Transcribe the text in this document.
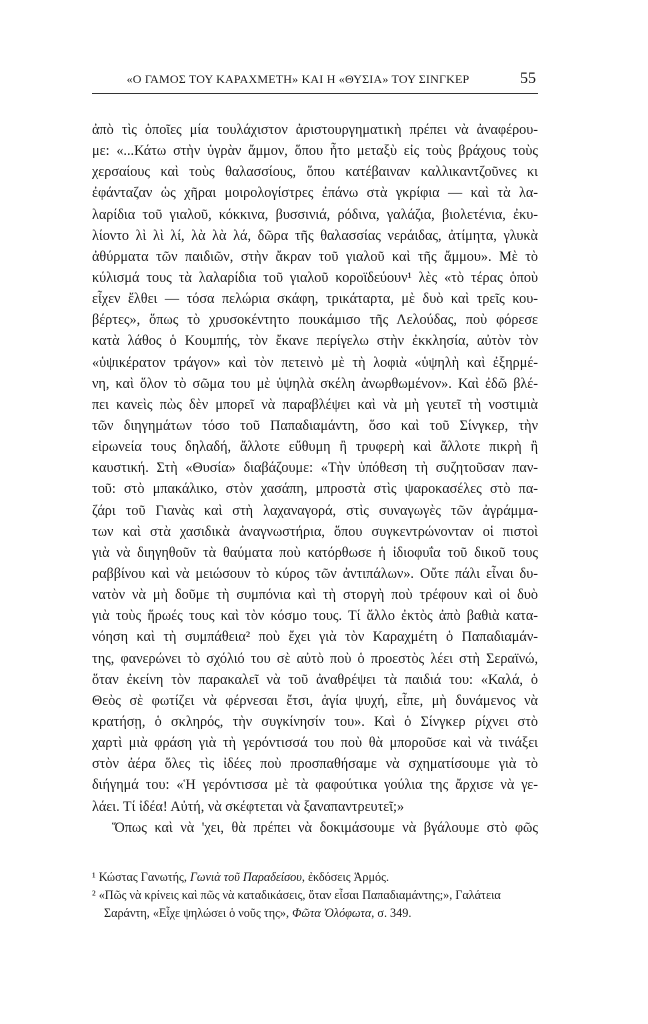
«Ο ΓΑΜΟΣ ΤΟΥ ΚΑΡΑΧΜΕΤΗ» ΚΑΙ Η «ΘΥΣΙΑ» ΤΟΥ ΣΙΝΓΚΕΡ	55
ἀπὸ τὶς ὁποῖες μία τουλάχιστον ἀριστουργηματικὴ πρέπει νὰ ἀναφέρου-
με: «...Κάτω στὴν ὑγρὰν ἄμμον, ὅπου ἦτο μεταξὺ εἰς τοὺς βράχους τοὺς
χερσαίους καὶ τοὺς θαλασσίους, ὅπου κατέβαιναν καλλικαντζοῦνες κι
ἐφάνταζαν ὡς χῆραι μοιρολογίστρες ἐπάνω στὰ γκρίφια — καὶ τὰ λα-
λαρίδια τοῦ γιαλοῦ, κόκκινα, βυσσινιά, ρόδινα, γαλάζια, βιολετένια, ἐκυ-
λίοντο λὶ λὶ λί, λὰ λὰ λά, δῶρα τῆς θαλασσίας νεράιδας, ἀτίμητα, γλυκὰ
ἀθύρματα τῶν παιδιῶν, στὴν ἄκραν τοῦ γιαλοῦ καὶ τῆς ἄμμου». Μὲ τὸ
κύλισμά τους τὰ λαλαρίδια τοῦ γιαλοῦ κοροϊδεύουν¹ λὲς «τὸ τέρας ὁποὺ
εἶχεν ἔλθει — τόσα πελώρια σκάφη, τρικάταρτα, μὲ δυὸ καὶ τρεῖς κου-
βέρτες», ὅπως τὸ χρυσοκέντητο πουκάμισο τῆς Λελούδας, ποὺ φόρεσε
κατὰ λάθος ὁ Κουμπής, τὸν ἔκανε περίγελω στὴν ἐκκλησία, αὐτὸν τὸν
«ὑψικέρατον τράγον» καὶ τὸν πετεινὸ μὲ τὴ λοφιὰ «ὑψηλὴ καὶ ἐξηρμέ-
νη, καὶ ὅλον τὸ σῶμα του μὲ ὑψηλὰ σκέλη ἀνωρθωμένον». Καὶ ἐδῶ βλέ-
πει κανεὶς πὼς δὲν μπορεῖ νὰ παραβλέψει καὶ νὰ μὴ γευτεῖ τὴ νοστιμιὰ
τῶν διηγημάτων τόσο τοῦ Παπαδιαμάντη, ὅσο καὶ τοῦ Σίνγκερ, τὴν
εἰρωνεία τους δηλαδή, ἄλλοτε εὔθυμη ἢ τρυφερὴ καὶ ἄλλοτε πικρὴ ἢ
καυστική. Στὴ «Θυσία» διαβάζουμε: «Τὴν ὑπόθεση τὴ συζητοῦσαν παν-
τοῦ: στὸ μπακάλικο, στὸν χασάπη, μπροστὰ στὶς ψαροκασέλες στὸ πα-
ζάρι τοῦ Γιανὰς καὶ στὴ λαχαναγορά, στὶς συναγωγὲς τῶν ἀγράμμα-
των καὶ στὰ χασιδικὰ ἀναγνωστήρια, ὅπου συγκεντρώνονταν οἱ πιστοὶ
γιὰ νὰ διηγηθοῦν τὰ θαύματα ποὺ κατόρθωσε ἡ ἰδιοφυΐα τοῦ δικοῦ τους
ραββίνου καὶ νὰ μειώσουν τὸ κύρος τῶν ἀντιπάλων». Οὔτε πάλι εἶναι δυ-
νατὸν νὰ μὴ δοῦμε τὴ συμπόνια καὶ τὴ στοργὴ ποὺ τρέφουν καὶ οἱ δυὸ
γιὰ τοὺς ἥρωές τους καὶ τὸν κόσμο τους. Τί ἄλλο ἐκτὸς ἀπὸ βαθιὰ κατα-
νόηση καὶ τὴ συμπάθεια² ποὺ ἔχει γιὰ τὸν Καραχμέτη ὁ Παπαδιαμάν-
της, φανερώνει τὸ σχόλιό του σὲ αὐτὸ ποὺ ὁ προεστὸς λέει στὴ Σεραϊνώ,
ὅταν ἐκείνη τὸν παρακαλεῖ νὰ τοῦ ἀναθρέψει τὰ παιδιά του: «Καλά, ὁ
Θεὸς σὲ φωτίζει νὰ φέρνεσαι ἔτσι, ἁγία ψυχή, εἶπε, μὴ δυνάμενος νὰ
κρατήσῃ, ὁ σκληρός, τὴν συγκίνησίν του». Καὶ ὁ Σίνγκερ ρίχνει στὸ
χαρτὶ μιὰ φράση γιὰ τὴ γερόντισσά του ποὺ θὰ μποροῦσε καὶ νὰ τινάξει
στὸν ἀέρα ὅλες τὶς ἰδέες ποὺ προσπαθήσαμε νὰ σχηματίσουμε γιὰ τὸ
διήγημά του: «Ἡ γερόντισσα μὲ τὰ φαφούτικα γούλια της ἄρχισε νὰ γε-
λάει. Τί ἰδέα! Αὐτή, νὰ σκέφτεται νὰ ξαναπαντρευτεῖ;»
Ὅπως καὶ νὰ 'χει, θὰ πρέπει νὰ δοκιμάσουμε νὰ βγάλουμε στὸ φῶς
¹ Κώστας Γανωτής, Γωνιὰ τοῦ Παραδείσου, ἐκδόσεις Ἁρμός.
² «Πῶς νὰ κρίνεις καὶ πῶς νὰ καταδικάσεις, ὅταν εἶσαι Παπαδιαμάντης;», Γαλάτεια
Σαράντη, «Εἶχε ψηλώσει ὁ νοῦς της», Φῶτα Ὀλόφωτα, σ. 349.
